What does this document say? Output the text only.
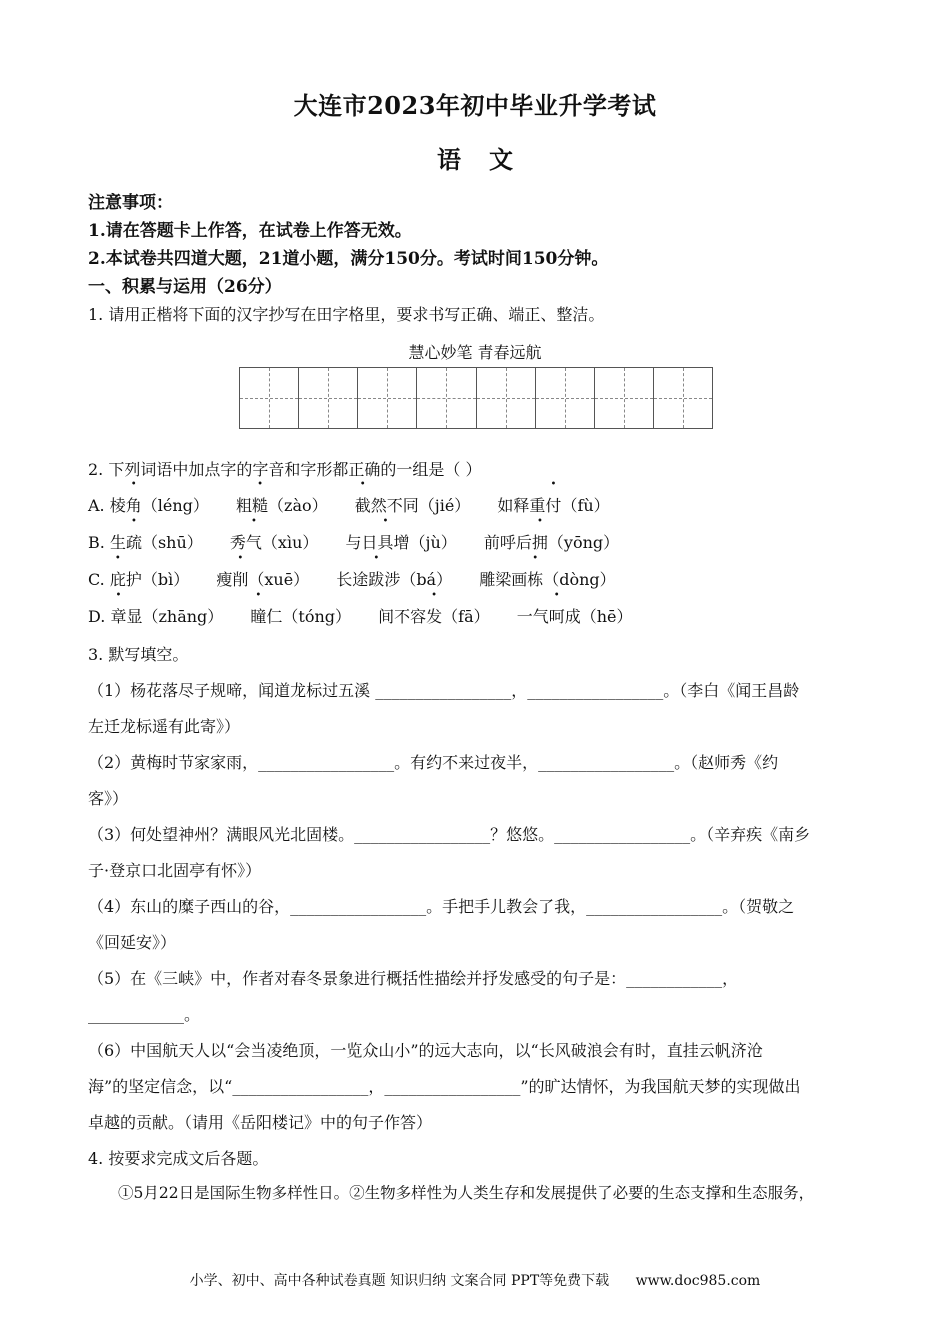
大连市2023年初中毕业升学考试
语文
注意事项：
1.请在答题卡上作答，在试卷上作答无效。
2.本试卷共四道大题，21道小题，满分150分。考试时间150分钟。
一、积累与运用（26分）
1. 请用正楷将下面的汉字抄写在田字格里，要求书写正确、端正、整洁。
慧心妙笔 青春远航
2. 下列词语中加点字的字音和字形都正确的一组是（ ）
A. 棱角（léng） 粗糙（zào） 截然不同（jié） 如释重付（fù）
B. 生疏（shū） 秀气（xìu） 与日具增（jù） 前呼后拥（yōng）
C. 庇护（bì） 瘦削（xuē） 长途跋涉（bá） 雕梁画栋（dòng）
D. 章显（zhāng） 瞳仁（tóng） 间不容发（fā） 一气呵成（hē）
3. 默写填空。
（1）杨花落尽子规啼，闻道龙标过五溪 _________________，_________________。（李白《闻王昌龄
左迁龙标遥有此寄》）
（2）黄梅时节家家雨，_________________。有约不来过夜半，_________________。（赵师秀《约
客》）
（3）何处望神州？满眼风光北固楼。_________________？悠悠。_________________。（辛弃疾《南乡
子·登京口北固亭有怀》）
（4）东山的糜子西山的谷，_________________。手把手儿教会了我，_________________。（贺敬之
《回延安》）
（5）在《三峡》中，作者对春冬景象进行概括性描绘并抒发感受的句子是：____________，
____________。
（6）中国航天人以“会当凌绝顶，一览众山小”的远大志向，以“长风破浪会有时，直挂云帆济沧
海”的坚定信念，以“_________________，_________________”的旷达情怀，为我国航天梦的实现做出
卓越的贡献。（请用《岳阳楼记》中的句子作答）
4. 按要求完成文后各题。
①5月22日是国际生物多样性日。②生物多样性为人类生存和发展提供了必要的生态支撑和生态服务，
小学、初中、高中各种试卷真题 知识归纳 文案合同 PPT等免费下载 www.doc985.com
